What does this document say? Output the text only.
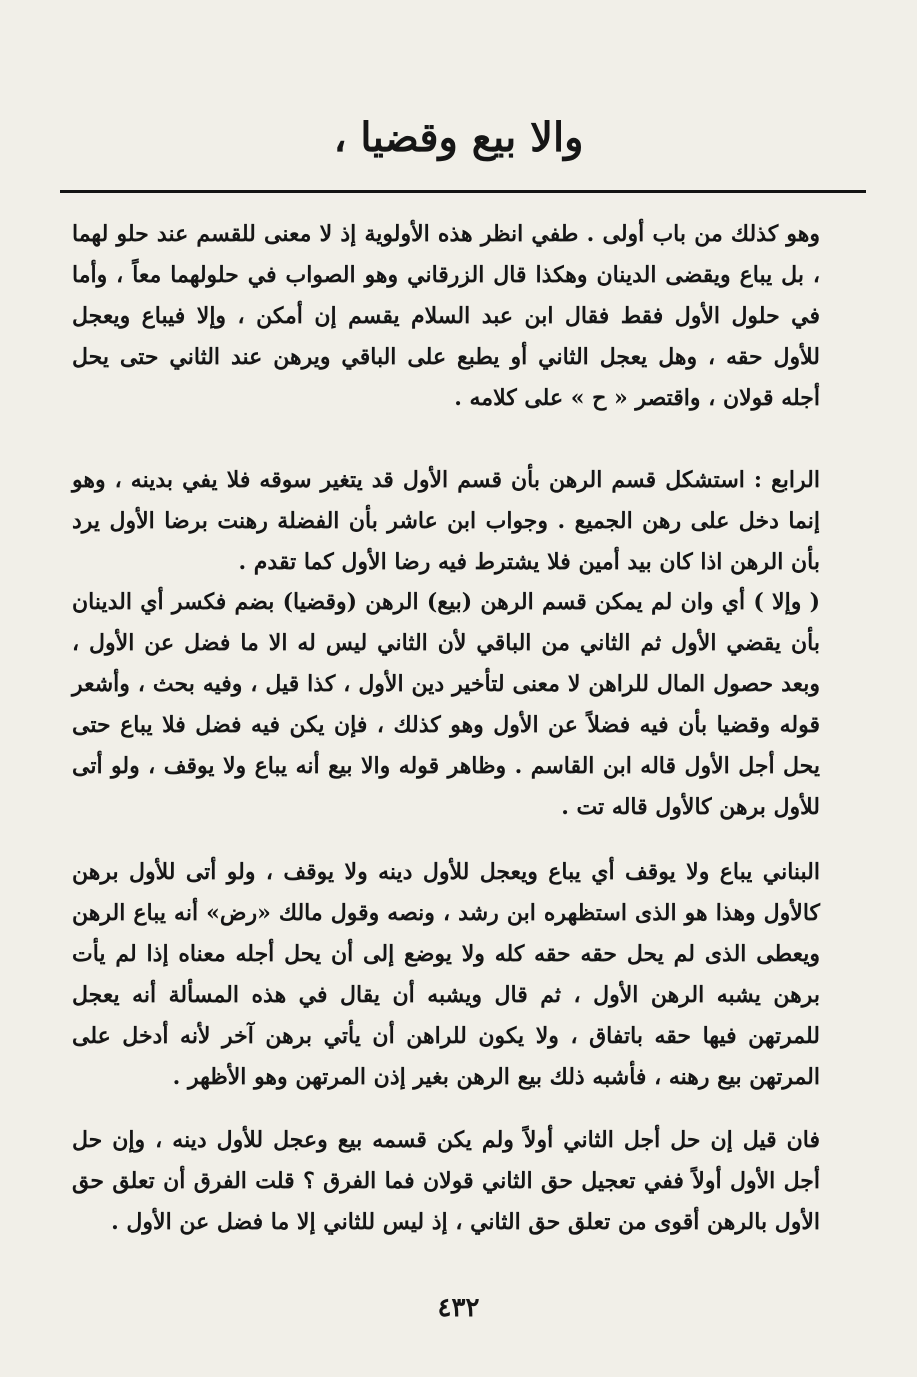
والا بيع وقضيا ،

وهو كذلك من باب أولى . طفي انظر هذه الأولوية إذ لا معنى للقسم عند حلو لهما ، بل يباع ويقضى الدينان وهكذا قال الزرقاني وهو الصواب في حلولهما معاً ، وأما في حلول الأول فقط فقال ابن عبد السلام يقسم إن أمكن ، وإلا فيباع ويعجل للأول حقه ، وهل يعجل الثاني أو يطبع على الباقي ويرهن عند الثاني حتى يحل أجله قولان ، واقتصر « ح » على كلامه .

الرابع : استشكل قسم الرهن بأن قسم الأول قد يتغير سوقه فلا يفي بدينه ، وهو إنما دخل على رهن الجميع . وجواب ابن عاشر بأن الفضلة رهنت برضا الأول يرد بأن الرهن اذا كان بيد أمين فلا يشترط فيه رضا الأول كما تقدم .

( وإلا ) أي وان لم يمكن قسم الرهن (بيع) الرهن (وقضيا) بضم فكسر أي الدينان بأن يقضي الأول ثم الثاني من الباقي لأن الثاني ليس له الا ما فضل عن الأول ، وبعد حصول المال للراهن لا معنى لتأخير دين الأول ، كذا قيل ، وفيه بحث ، وأشعر قوله وقضيا بأن فيه فضلاً عن الأول وهو كذلك ، فإن يكن فيه فضل فلا يباع حتى يحل أجل الأول قاله ابن القاسم . وظاهر قوله والا بيع أنه يباع ولا يوقف ، ولو أتى للأول برهن كالأول قاله تت .

البناني يباع ولا يوقف أي يباع ويعجل للأول دينه ولا يوقف ، ولو أتى للأول برهن كالأول وهذا هو الذى استظهره ابن رشد ، ونصه وقول مالك «رض» أنه يباع الرهن ويعطى الذى لم يحل حقه حقه كله ولا يوضع إلى أن يحل أجله معناه إذا لم يأت برهن يشبه الرهن الأول ، ثم قال ويشبه أن يقال في هذه المسألة أنه يعجل للمرتهن فيها حقه باتفاق ، ولا يكون للراهن أن يأتي برهن آخر لأنه أدخل على المرتهن بيع رهنه ، فأشبه ذلك بيع الرهن بغير إذن المرتهن وهو الأظهر .

فان قيل إن حل أجل الثاني أولاً ولم يكن قسمه بيع وعجل للأول دينه ، وإن حل أجل الأول أولاً ففي تعجيل حق الثاني قولان فما الفرق ؟ قلت الفرق أن تعلق حق الأول بالرهن أقوى من تعلق حق الثاني ، إذ ليس للثاني إلا ما فضل عن الأول .

٤٣٢
